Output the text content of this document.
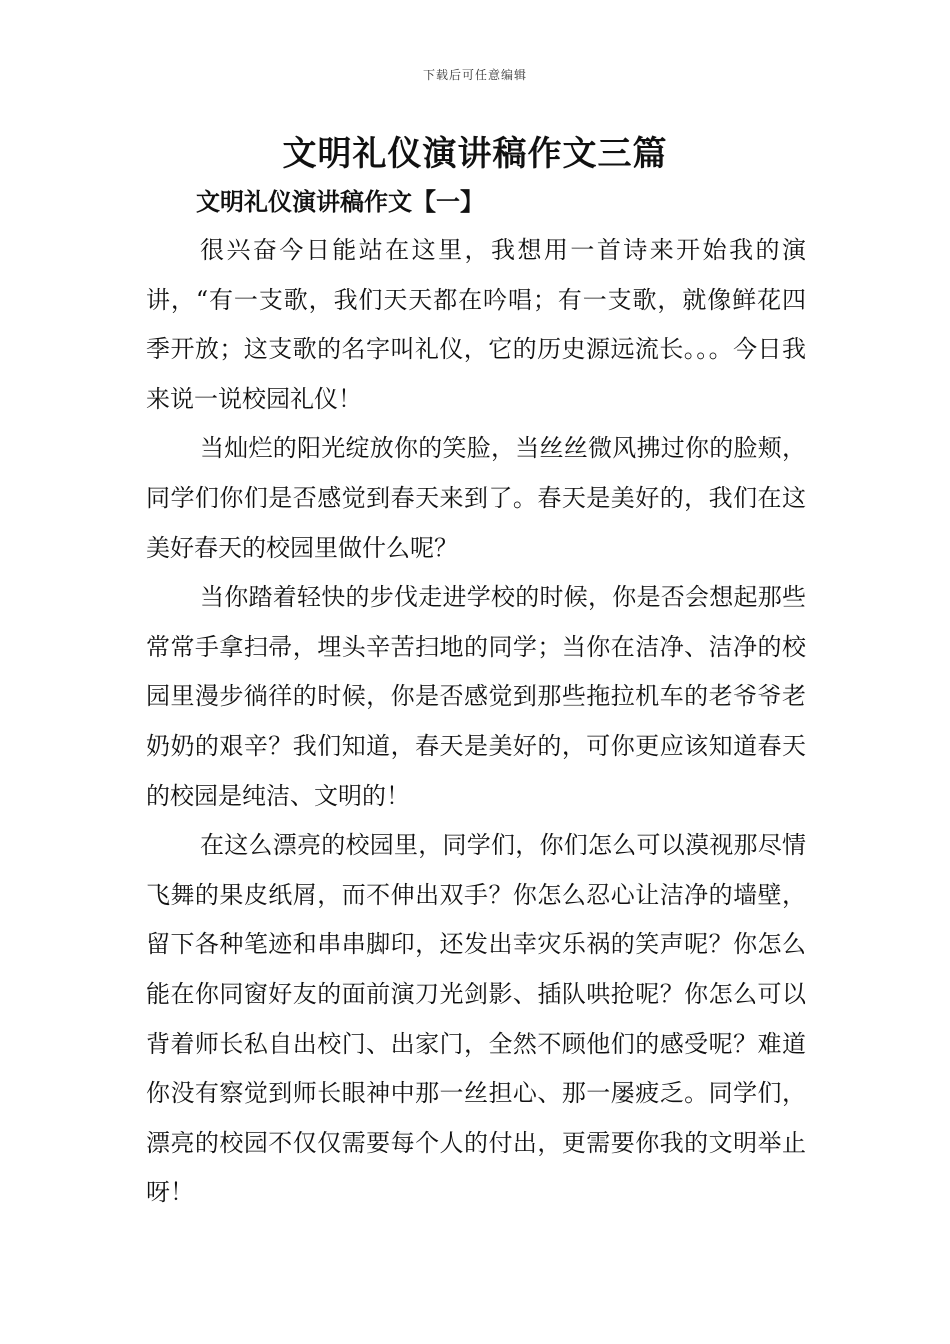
下载后可任意编辑
文明礼仪演讲稿作文三篇
文明礼仪演讲稿作文【一】

很兴奋今日能站在这里，我想用一首诗来开始我的演讲，“有一支歌，我们天天都在吟唱；有一支歌，就像鲜花四季开放；这支歌的名字叫礼仪，它的历史源远流长。。。今日我来说一说校园礼仪！

当灿烂的阳光绽放你的笑脸，当丝丝微风拂过你的脸颊，同学们你们是否感觉到春天来到了。春天是美好的，我们在这美好春天的校园里做什么呢？

当你踏着轻快的步伐走进学校的时候，你是否会想起那些常常手拿扫帚，埋头辛苦扫地的同学；当你在洁净、洁净的校园里漫步徜徉的时候，你是否感觉到那些拖拉机车的老爷爷老奶奶的艰辛？我们知道，春天是美好的，可你更应该知道春天的校园是纯洁、文明的！

在这么漂亮的校园里，同学们，你们怎么可以漠视那尽情飞舞的果皮纸屑，而不伸出双手？你怎么忍心让洁净的墙壁，留下各种笔迹和串串脚印，还发出幸灾乐祸的笑声呢？你怎么能在你同窗好友的面前演刀光剑影、插队哄抢呢？你怎么可以背着师长私自出校门、出家门，全然不顾他们的感受呢？难道你没有察觉到师长眼神中那一丝担心、那一屡疲乏。同学们，漂亮的校园不仅仅需要每个人的付出，更需要你我的文明举止呀！
